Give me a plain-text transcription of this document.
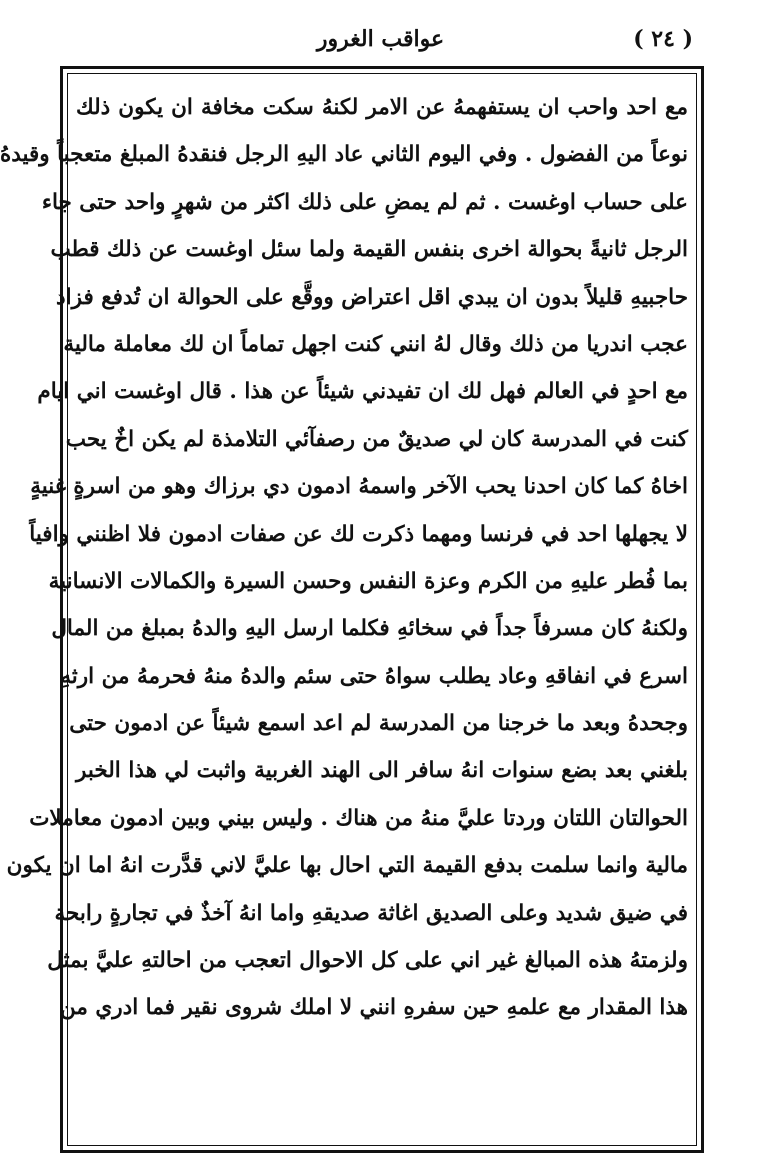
( ٢٤ )
عواقب الغرور
مع احد واحب ان يستفهمهُ عن الامر لكنهُ سكت مخافة ان يكون ذلك
نوعاً من الفضول . وفي اليوم الثاني عاد اليهِ الرجل فنقدهُ المبلغ متعجباً وقيدهُ
على حساب اوغست . ثم لم يمضِ على ذلك اكثر من شهرٍ واحد حتى جاء
الرجل ثانيةً بحوالة اخرى بنفس القيمة ولما سئل اوغست عن ذلك قطب
حاجبيهِ قليلاً بدون ان يبدي اقل اعتراض ووقَّع على الحوالة ان تُدفع فزاد
عجب اندريا من ذلك وقال لهُ انني كنت اجهل تماماً ان لك معاملة مالية
مع احدٍ في العالم فهل لك ان تفيدني شيئاً عن هذا . قال اوغست اني ايام
كنت في المدرسة كان لي صديقٌ من رصفآئي التلامذة لم يكن اخٌ يحب
اخاهُ كما كان احدنا يحب الآخر واسمهُ ادمون دي برزاك وهو من اسرةٍ غنيةٍ
لا يجهلها احد في فرنسا ومهما ذكرت لك عن صفات ادمون فلا اظنني وافياً
بما فُطر عليهِ من الكرم وعزة النفس وحسن السيرة والكمالات الانسانية
ولكنهُ كان مسرفاً جداً في سخائهِ فكلما ارسل اليهِ والدهُ بمبلغ من المال
اسرع في انفاقهِ وعاد يطلب سواهُ حتى سئم والدهُ منهُ فحرمهُ من ارثهِ
وجحدهُ وبعد ما خرجنا من المدرسة لم اعد اسمع شيئاً عن ادمون حتى
بلغني بعد بضع سنوات انهُ سافر الى الهند الغربية واثبت لي هذا الخبر
الحوالتان اللتان وردتا عليَّ منهُ من هناك . وليس بيني وبين ادمون معاملات
مالية وانما سلمت بدفع القيمة التي احال بها عليَّ لاني قدَّرت انهُ اما ان يكون
في ضيق شديد وعلى الصديق اغاثة صديقهِ واما انهُ آخذٌ في تجارةٍ رابحة
ولزمتهُ هذه المبالغ غير اني على كل الاحوال اتعجب من احالتهِ عليَّ بمثل
هذا المقدار مع علمهِ حين سفرهِ انني لا املك شروى نقير فما ادري من
